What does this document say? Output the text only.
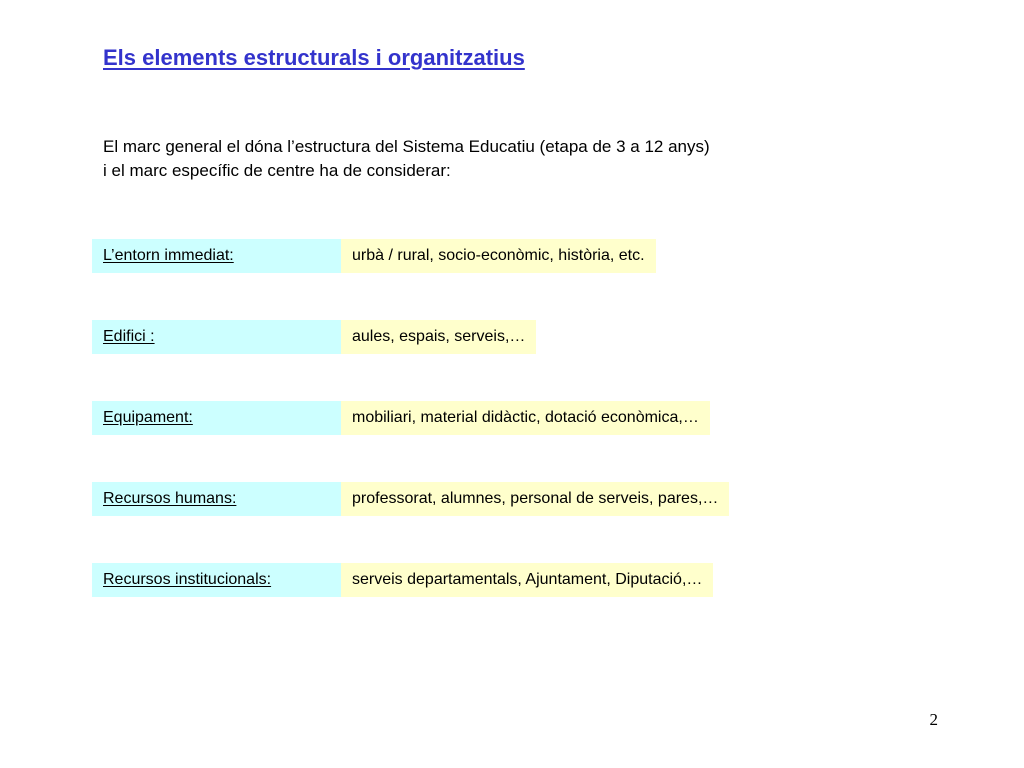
Els elements estructurals i organitzatius
El marc general el dóna l’estructura del Sistema Educatiu (etapa de 3 a 12 anys)
i el marc específic de centre ha de considerar:
L’entorn immediat:	urbà / rural, socio-econòmic, història, etc.
Edifici :	aules, espais, serveis,…
Equipament:	mobiliari, material didàctic, dotació econòmica,…
Recursos humans:	professorat, alumnes, personal de serveis, pares,…
Recursos institucionals:	serveis departamentals, Ajuntament, Diputació,…
2
